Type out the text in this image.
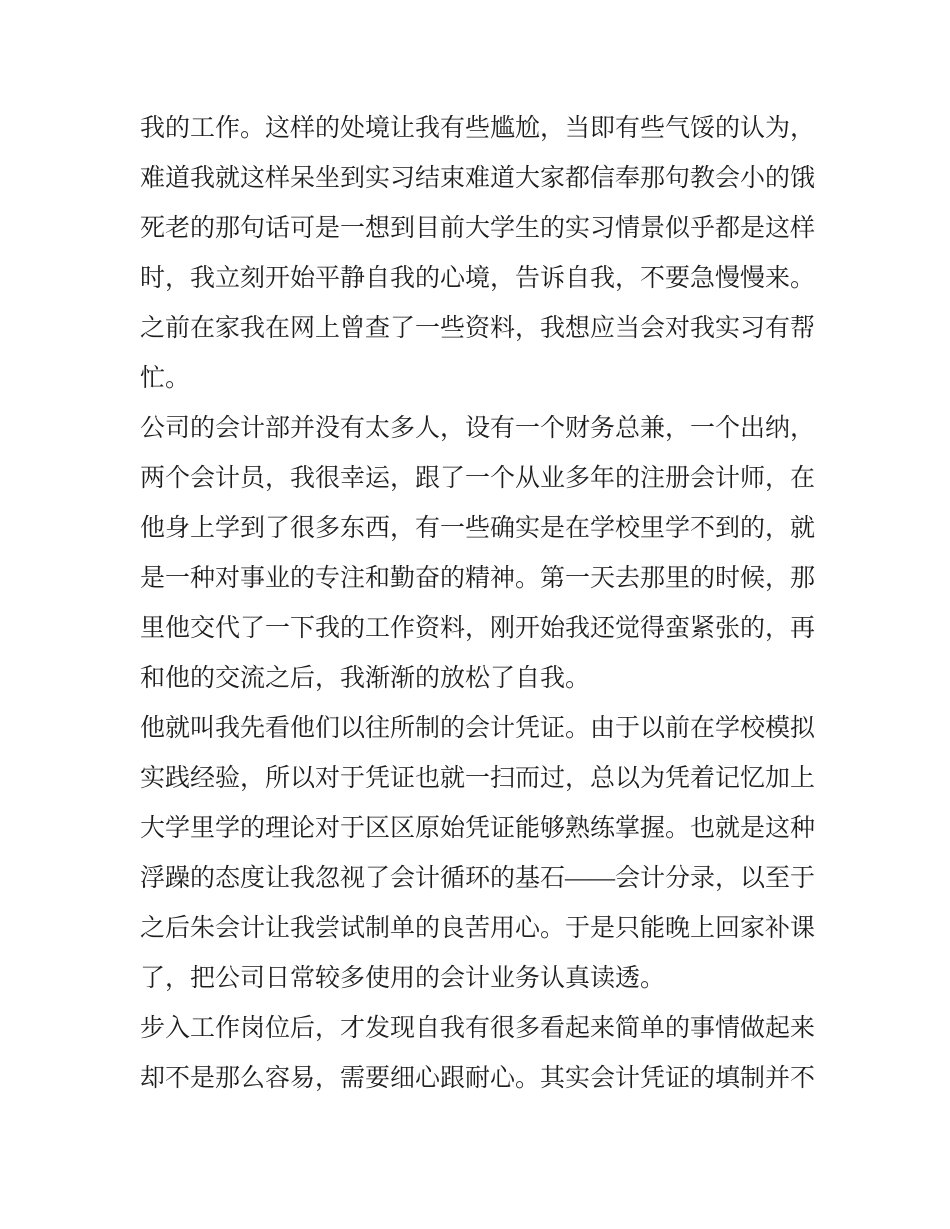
我的工作。这样的处境让我有些尴尬，当即有些气馁的认为，
难道我就这样呆坐到实习结束难道大家都信奉那句教会小的饿
死老的那句话可是一想到目前大学生的实习情景似乎都是这样
时，我立刻开始平静自我的心境，告诉自我，不要急慢慢来。
之前在家我在网上曾查了一些资料，我想应当会对我实习有帮
忙。
公司的会计部并没有太多人，设有一个财务总兼，一个出纳，
两个会计员，我很幸运，跟了一个从业多年的注册会计师，在
他身上学到了很多东西，有一些确实是在学校里学不到的，就
是一种对事业的专注和勤奋的精神。第一天去那里的时候，那
里他交代了一下我的工作资料，刚开始我还觉得蛮紧张的，再
和他的交流之后，我渐渐的放松了自我。
他就叫我先看他们以往所制的会计凭证。由于以前在学校模拟
实践经验，所以对于凭证也就一扫而过，总以为凭着记忆加上
大学里学的理论对于区区原始凭证能够熟练掌握。也就是这种
浮躁的态度让我忽视了会计循环的基石——会计分录，以至于
之后朱会计让我尝试制单的良苦用心。于是只能晚上回家补课
了，把公司日常较多使用的会计业务认真读透。
步入工作岗位后，才发现自我有很多看起来简单的事情做起来
却不是那么容易，需要细心跟耐心。其实会计凭证的填制并不
